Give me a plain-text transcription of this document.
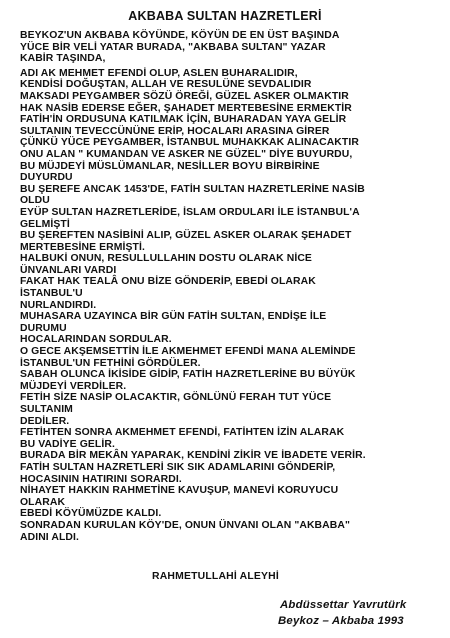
AKBABA SULTAN HAZRETLERİ
BEYKOZ'UN AKBABA KÖYÜNDE, KÖYÜN DE EN ÜST BAŞINDA
YÜCE BİR VELİ YATAR BURADA, "AKBABA SULTAN" YAZAR
KABİR TAŞINDA,
ADI AK MEHMET EFENDİ OLUP, ASLEN BUHARALIDIR,
KENDİSİ DOĞUŞTAN, ALLAH VE RESULÜNE SEVDALIDIR
MAKSADI PEYGAMBER SÖZÜ ÖREĞİ, GÜZEL ASKER OLMAKTIR
HAK NASİB EDERSE EĞER, ŞAHADET MERTEBESİNE ERMEKTİR
FATİH'İN ORDUSUNA KATILMAK İÇİN, BUHARADAN YAYA GELİR
SULTANIN TEVECCÜNÜNE ERİP, HOCALARI ARASINA GİRER
ÇÜNKÜ YÜCE PEYGAMBER, İSTANBUL MUHAKKAK ALINACAKTIR
ONU ALAN " KUMANDAN VE ASKER NE GÜZEL" DİYE BUYURDU,
BU MÜJDEYİ MÜSLÜMANLAR, NESİLLER BOYU BİRBİRİNE
DUYURDU
BU ŞEREFE ANCAK 1453'DE, FATİH SULTAN HAZRETLERİNE NASİB
OLDU
EYÜP SULTAN HAZRETLERİDE, İSLAM ORDULARI İLE İSTANBUL'A
GELMİŞTİ
BU ŞEREFTEN NASİBİNİ ALIP, GÜZEL ASKER OLARAK ŞEHADET
MERTEBESİNE ERMİŞTİ.
HALBUKİ ONUN, RESULLULLAHIN DOSTU OLARAK NİCE
ÜNVANLARI VARDI
FAKAT HAK TEALÂ ONU BİZE GÖNDERİP, EBEDİ OLARAK
İSTANBUL'U
NURLANDIRDI.
MUHASARA UZAYINCA BİR GÜN FATİH SULTAN, ENDİŞE İLE
DURUMU
HOCALARINDAN SORDULAR.
O GECE AKŞEMSETTİN İLE AKMEHMET EFENDİ MANA ALEMİNDE
İSTANBUL'UN FETHİNİ GÖRDÜLER.
SABAH OLUNCA İKİSİDE GİDİP, FATİH HAZRETLERİNE BU BÜYÜK
MÜJDEYİ VERDİLER.
FETİH SİZE NASİP OLACAKTIR, GÖNLÜNÜ FERAH TUT YÜCE
SULTANIM
DEDİLER.
FETİHTEN SONRA AKMEHMET EFENDİ, FATİHTEN İZİN ALARAK
BU VADİYE GELİR.
BURADA BİR MEKÂN YAPARAK, KENDİNİ ZİKİR VE İBADETE VERİR.
FATİH SULTAN HAZRETLERİ SIK SIK ADAMLARINI GÖNDERİP,
HOCASININ HATIRINI SORARDI.
NİHAYET HAKKIN RAHMETİNE KAVUŞUP, MANEVİ KORUYUCU
OLARAK
EBEDİ KÖYÜMÜZDE KALDI.
SONRADAN KURULAN KÖY'DE, ONUN ÜNVANI OLAN "AKBABA"
ADINI ALDI.
RAHMETULLAHİ ALEYHİ
Abdüssettar Yavrutürk
Beykoz – Akbaba 1993
